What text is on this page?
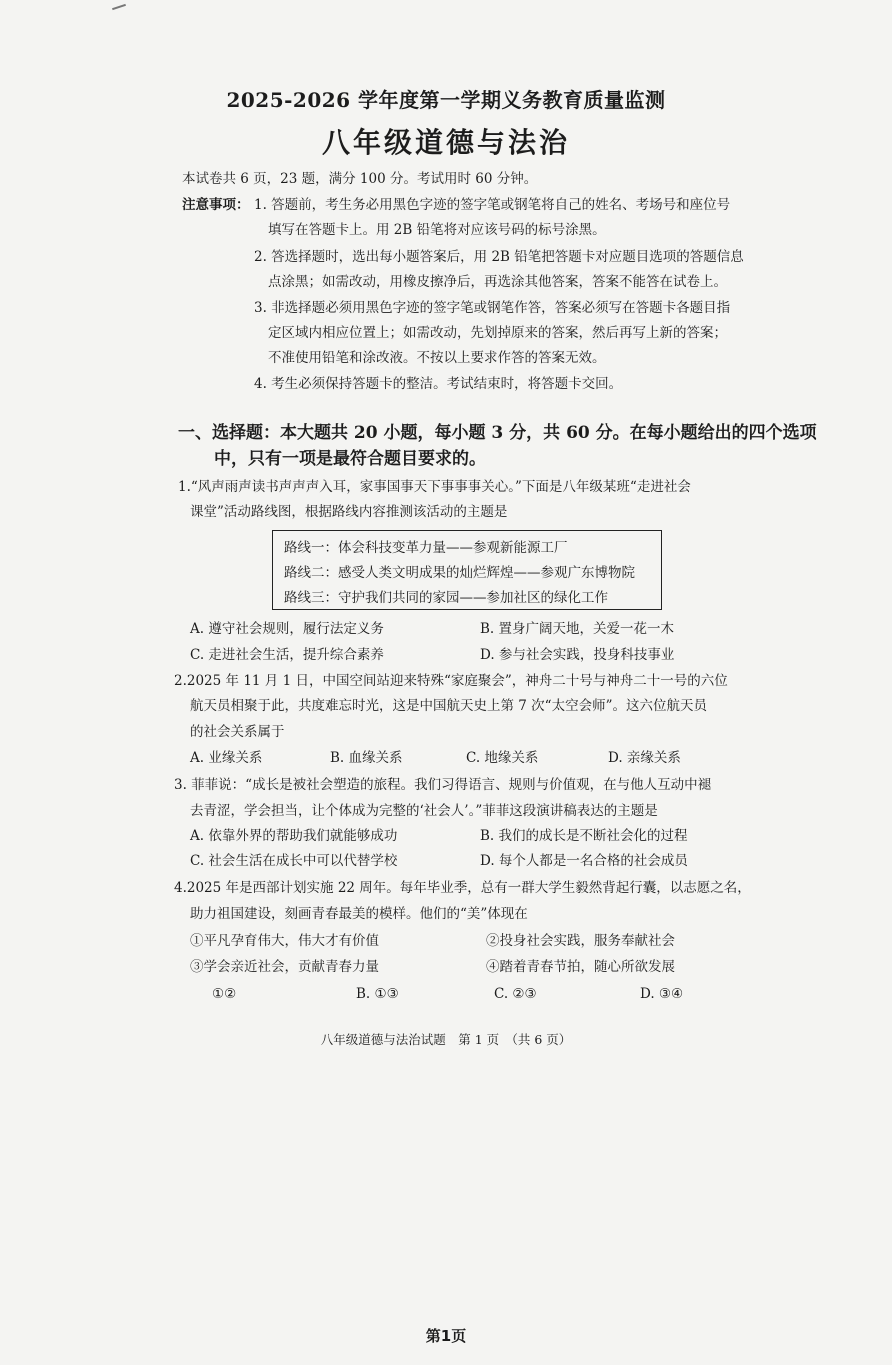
2025-2026 学年度第一学期义务教育质量监测
八年级道德与法治
本试卷共 6 页，23 题，满分 100 分。考试用时 60 分钟。
注意事项： 1. 答题前，考生务必用黑色字迹的签字笔或钢笔将自己的姓名、考场号和座位号
填写在答题卡上。用 2B 铅笔将对应该号码的标号涂黑。
2. 答选择题时，选出每小题答案后，用 2B 铅笔把答题卡对应题目选项的答题信息
点涂黑；如需改动，用橡皮擦净后，再选涂其他答案，答案不能答在试卷上。
3. 非选择题必须用黑色字迹的签字笔或钢笔作答，答案必须写在答题卡各题目指
定区域内相应位置上；如需改动，先划掉原来的答案，然后再写上新的答案；
不准使用铅笔和涂改液。不按以上要求作答的答案无效。
4. 考生必须保持答题卡的整洁。考试结束时，将答题卡交回。
一、选择题：本大题共 20 小题，每小题 3 分，共 60 分。在每小题给出的四个选项
中，只有一项是最符合题目要求的。
1.“风声雨声读书声声声入耳，家事国事天下事事事关心。”下面是八年级某班“走进社会
课堂”活动路线图，根据路线内容推测该活动的主题是
路线一：体会科技变革力量——参观新能源工厂
路线二：感受人类文明成果的灿烂辉煌——参观广东博物院
路线三：守护我们共同的家园——参加社区的绿化工作
A. 遵守社会规则，履行法定义务	B. 置身广阔天地，关爱一花一木
C. 走进社会生活，提升综合素养	D. 参与社会实践，投身科技事业
2.2025 年 11 月 1 日，中国空间站迎来特殊“家庭聚会”，神舟二十号与神舟二十一号的六位
航天员相聚于此，共度难忘时光，这是中国航天史上第 7 次“太空会师”。这六位航天员
的社会关系属于
A. 业缘关系	B. 血缘关系	C. 地缘关系	D. 亲缘关系
3. 菲菲说：“成长是被社会塑造的旅程。我们习得语言、规则与价值观，在与他人互动中褪
去青涩，学会担当，让个体成为完整的‘社会人’。”菲菲这段演讲稿表达的主题是
A. 依靠外界的帮助我们就能够成功	B. 我们的成长是不断社会化的过程
C. 社会生活在成长中可以代替学校	D. 每个人都是一名合格的社会成员
4.2025 年是西部计划实施 22 周年。每年毕业季，总有一群大学生毅然背起行囊，以志愿之名，
助力祖国建设，刻画青春最美的模样。他们的“美”体现在
①平凡孕育伟大，伟大才有价值	②投身社会实践，服务奉献社会
③学会亲近社会，贡献青春力量	④踏着青春节拍，随心所欲发展
①②	B. ①③	C. ②③	D. ③④
八年级道德与法治试题　第 1 页　（共 6 页）
第1页
